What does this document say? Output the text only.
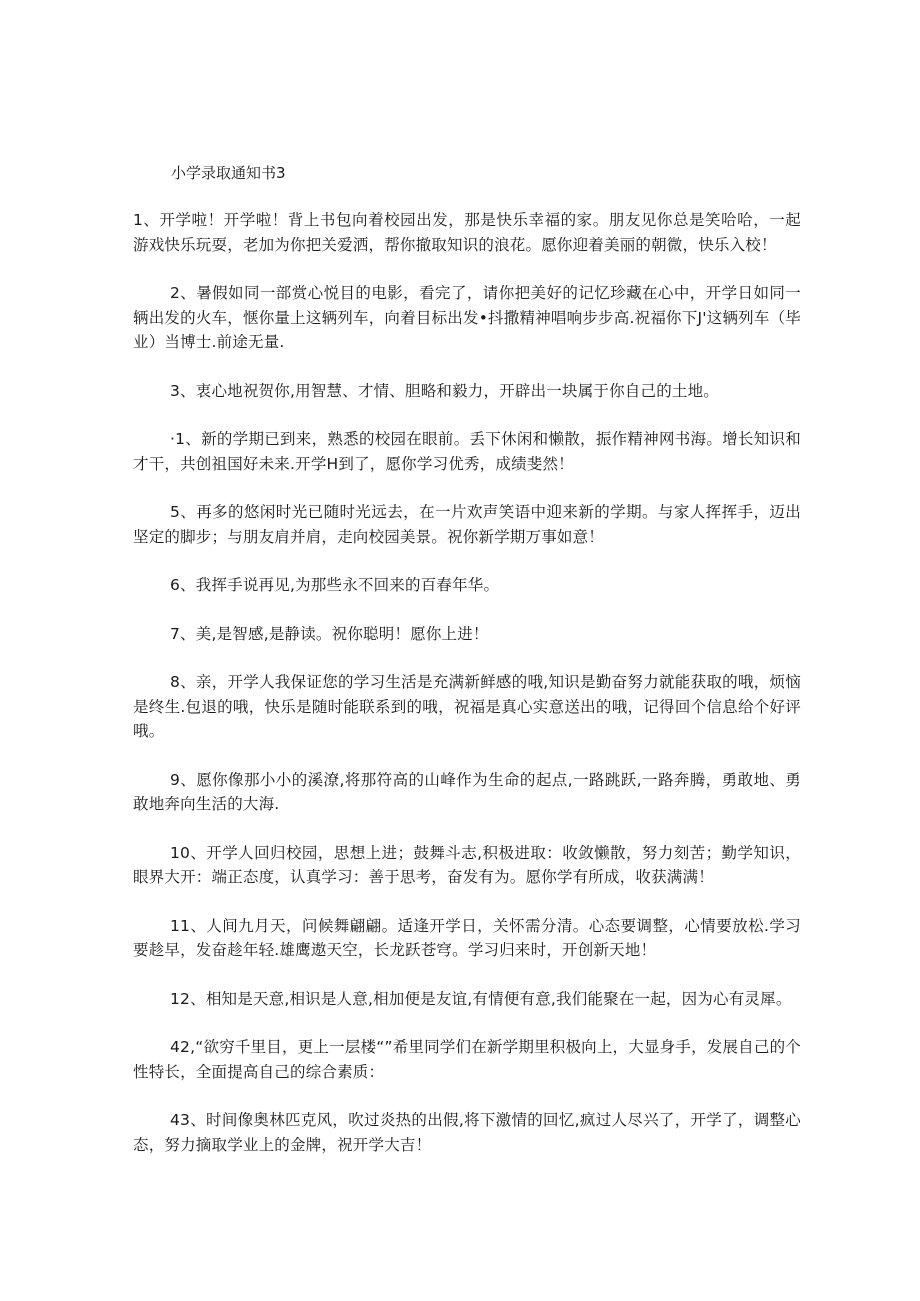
小学录取通知书3

1、开学啦！开学啦！背上书包向着校园出发，那是快乐幸福的家。朋友见你总是笑哈哈，一起游戏快乐玩耍，老加为你把关爱洒，帮你撤取知识的浪花。愿你迎着美丽的朝微，快乐入校！

2、暑假如同一部赏心悦目的电影，看完了，请你把美好的记忆珍藏在心中，开学日如同一辆出发的火车，惬你量上这辆列车，向着目标出发•抖撒精神唱响步步高.祝福你下J'这辆列车（毕业）当博士.前途无量.

3、衷心地祝贺你,用智慧、才情、胆略和毅力，开辟出一块属于你自己的土地。

·1、新的学期已到来，熟悉的校园在眼前。丢下休闲和懒散，振作精神网书海。增长知识和才干，共创祖国好未来.开学H到了，愿你学习优秀，成绩斐然！

5、再多的悠闲时光已随时光远去，在一片欢声笑语中迎来新的学期。与家人挥挥手，迈出坚定的脚步；与朋友肩并肩，走向校园美景。祝你新学期万事如意！

6、我挥手说再见,为那些永不回来的百春年华。

7、美,是智感,是静读。祝你聪明！愿你上进！

8、亲，开学人我保证您的学习生活是充满新鲜感的哦,知识是勤奋努力就能获取的哦，烦恼是终生.包退的哦，快乐是随时能联系到的哦，祝福是真心实意送出的哦，记得回个信息给个好评哦。

9、愿你像那小小的溪潦,将那符高的山峰作为生命的起点,一路跳跃,一路奔腾，勇敢地、勇敢地奔向生活的大海.

10、开学人回归校园，思想上进；鼓舞斗志,积极进取：收敛懒散，努力刻苦；勤学知识，眼界大开：端正态度，认真学习：善于思考，奋发有为。愿你学有所成，收获满满！

11、人间九月天，问候舞翩翩。适逢开学日，关怀需分清。心态要调整，心情要放松.学习要趁早，发奋趁年轻.雄鹰遨天空，长龙跃苍穹。学习归来时，开创新天地！

12、相知是天意,相识是人意,相加便是友谊,有情便有意,我们能聚在一起，因为心有灵犀。

42,“欲穷千里目，更上一层楼“”希里同学们在新学期里积极向上，大显身手，发展自己的个性特长，全面提高自己的综合素质：

43、时间像奥林匹克风，吹过炎热的出假,将下激情的回忆,疯过人尽兴了，开学了，调整心态，努力摘取学业上的金牌，祝开学大吉！
